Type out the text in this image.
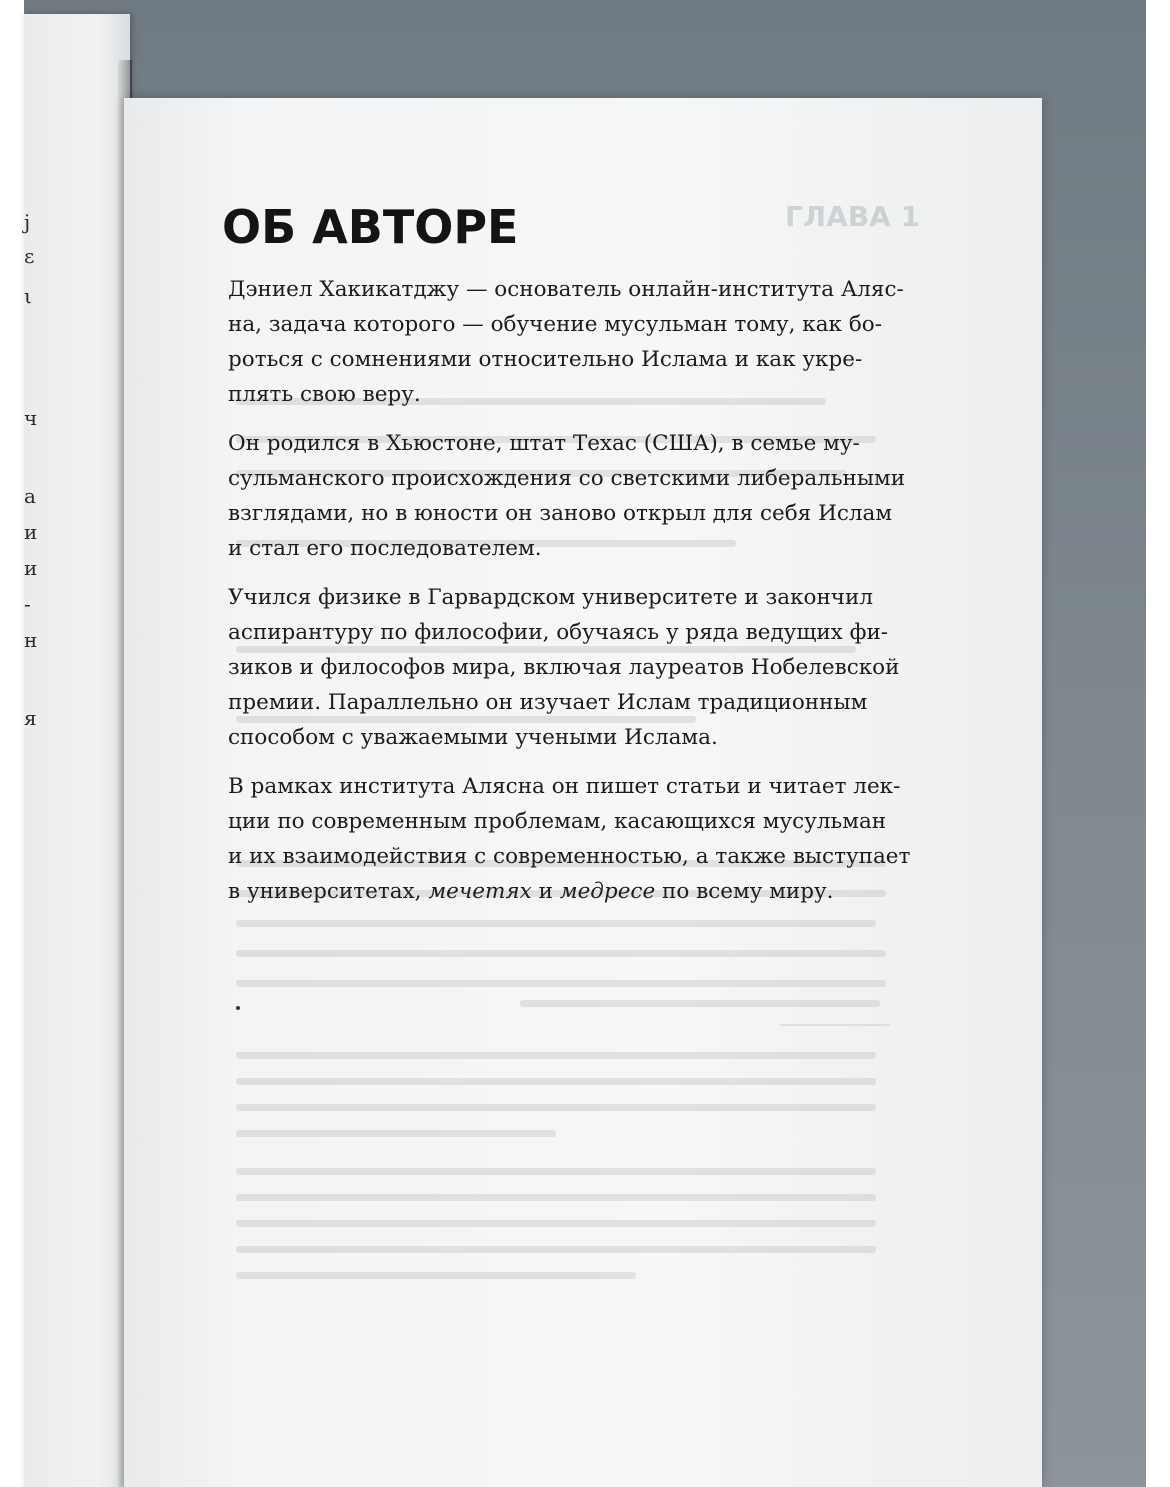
ј
ɛ
ι
ч
а
и
и
-
н
я
ГЛАВА 1
ОБ АВТОРЕ

Дэниел Хакикатджу — основатель онлайн-института Аляс-
на, задача которого — обучение мусульман тому, как бо-
роться с сомнениями относительно Ислама и как укре-
плять свою веру.

Он родился в Хьюстоне, штат Техас (США), в семье му-
сульманского происхождения со светскими либеральными
взглядами, но в юности он заново открыл для себя Ислам
и стал его последователем.

Учился физике в Гарвардском университете и закончил
аспирантуру по философии, обучаясь у ряда ведущих фи-
зиков и философов мира, включая лауреатов Нобелевской
премии. Параллельно он изучает Ислам традиционным
способом с уважаемыми учеными Ислама.

В рамках института Алясна он пишет статьи и читает лек-
ции по современным проблемам, касающихся мусульман
и их взаимодействия с современностью, а также выступает
в университетах, мечетях и медресе по всему миру.
